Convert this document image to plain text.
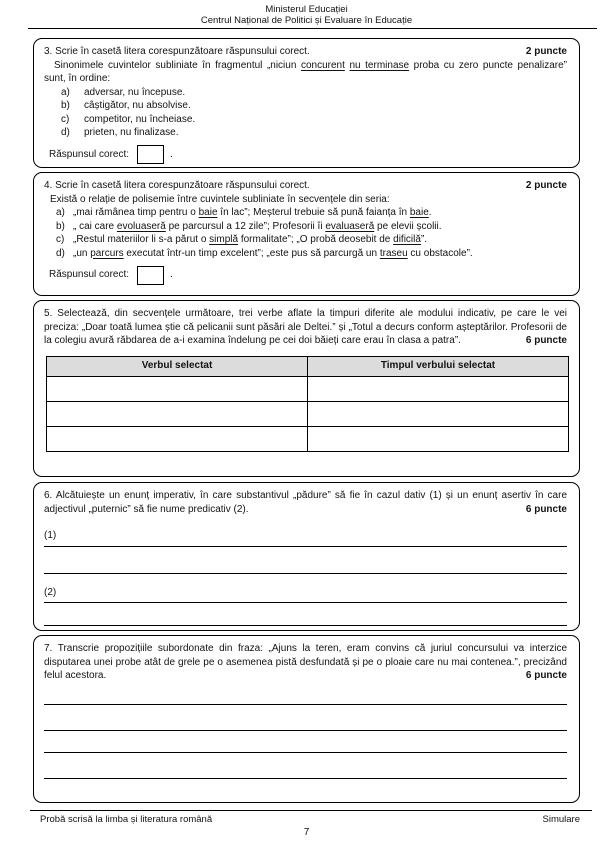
Ministerul Educației
Centrul Național de Politici și Evaluare în Educație
2 puncte
3. Scrie în casetă litera corespunzătoare răspunsului corect.
Sinonimele cuvintelor subliniate în fragmentul „niciun concurent nu terminase proba cu zero puncte penalizare” sunt, în ordine:
a) adversar, nu începuse.
b) câștigător, nu absolvise.
c) competitor, nu încheiase.
d) prieten, nu finalizase.
Răspunsul corect:	.
2 puncte
4. Scrie în casetă litera corespunzătoare răspunsului corect.
Există o relație de polisemie între cuvintele subliniate în secvențele din seria:
a) „mai rămânea timp pentru o baie în lac”; Meșterul trebuie să pună faianța în baie.
b) „ cai care evoluaseră pe parcursul a 12 zile”; Profesorii îi evaluaseră pe elevii școlii.
c) „Restul materiilor li s-a părut o simplă formalitate”; „O probă deosebit de dificilă”.
d) „un parcurs executat într-un timp excelent”; „este pus să parcurgă un traseu cu obstacole”.
Răspunsul corect:	.
5. Selectează, din secvențele următoare, trei verbe aflate la timpuri diferite ale modului indicativ, pe care le vei preciza: „Doar toată lumea știe că pelicanii sunt păsări ale Deltei.” și „Totul a decurs conform așteptărilor. Profesorii de la colegiu avură răbdarea de a-i examina îndelung pe cei doi băieți care erau în clasa a patra”.	6 puncte
Verbul selectat	Timpul verbului selectat

6. Alcătuiește un enunț imperativ, în care substantivul „pădure” să fie în cazul dativ (1) și un enunț asertiv în care adjectivul „puternic” să fie nume predicativ (2).	6 puncte
(1)
(2)
7. Transcrie propozițiile subordonate din fraza: „Ajuns la teren, eram convins că juriul concursului va interzice disputarea unei probe atât de grele pe o asemenea pistă desfundată și pe o ploaie care nu mai contenea.”, precizând felul acestora.	6 puncte
Probă scrisă la limba și literatura română	Simulare
7
